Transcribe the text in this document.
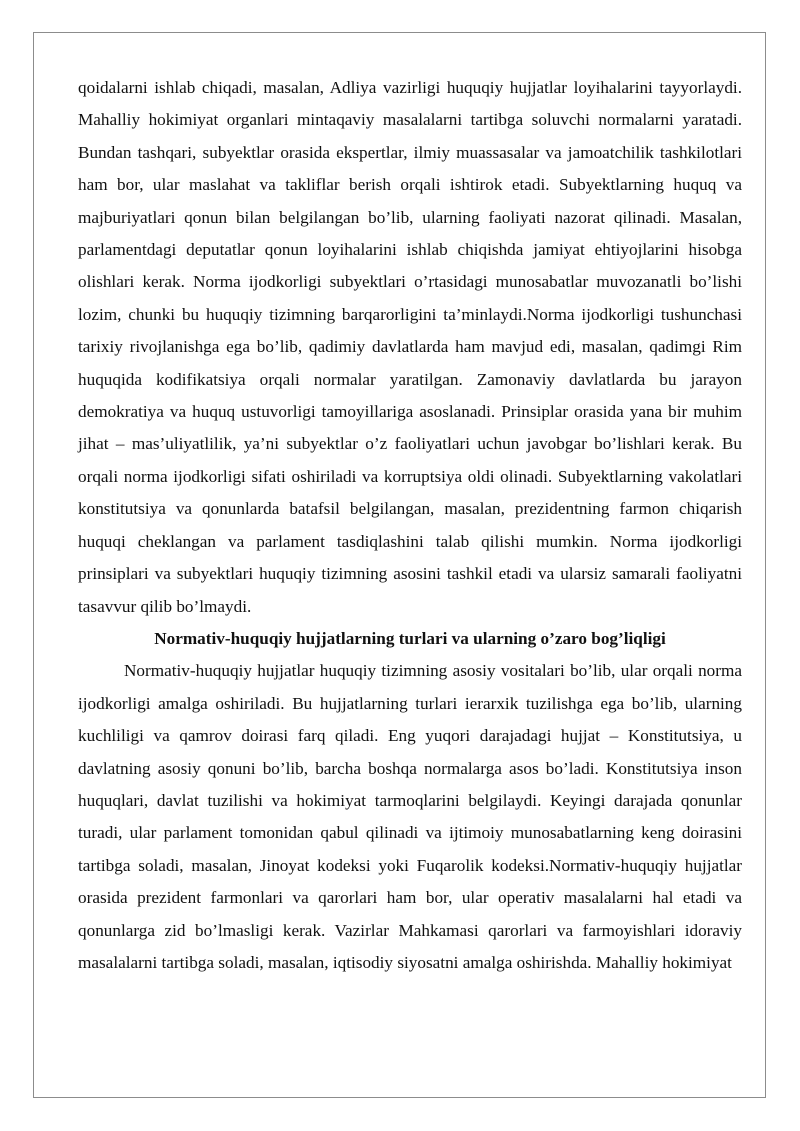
qoidalarni ishlab chiqadi, masalan, Adliya vazirligi huquqiy hujjatlar loyihalarini tayyorlaydi. Mahalliy hokimiyat organlari mintaqaviy masalalarni tartibga soluvchi normalarni yaratadi. Bundan tashqari, subyektlar orasida ekspertlar, ilmiy muassasalar va jamoatchilik tashkilotlari ham bor, ular maslahat va takliflar berish orqali ishtirok etadi. Subyektlarning huquq va majburiyatlari qonun bilan belgilangan bo’lib, ularning faoliyati nazorat qilinadi. Masalan, parlamentdagi deputatlar qonun loyihalarini ishlab chiqishda jamiyat ehtiyojlarini hisobga olishlari kerak. Norma ijodkorligi subyektlari o’rtasidagi munosabatlar muvozanatli bo’lishi lozim, chunki bu huquqiy tizimning barqarorligini ta’minlaydi.Norma ijodkorligi tushunchasi tarixiy rivojlanishga ega bo’lib, qadimiy davlatlarda ham mavjud edi, masalan, qadimgi Rim huquqida kodifikatsiya orqali normalar yaratilgan. Zamonaviy davlatlarda bu jarayon demokratiya va huquq ustuvorligi tamoyillariga asoslanadi. Prinsiplar orasida yana bir muhim jihat – mas’uliyatlilik, ya’ni subyektlar o’z faoliyatlari uchun javobgar bo’lishlari kerak. Bu orqali norma ijodkorligi sifati oshiriladi va korruptsiya oldi olinadi. Subyektlarning vakolatlari konstitutsiya va qonunlarda batafsil belgilangan, masalan, prezidentning farmon chiqarish huquqi cheklangan va parlament tasdiqlashini talab qilishi mumkin. Norma ijodkorligi prinsiplari va subyektlari huquqiy tizimning asosini tashkil etadi va ularsiz samarali faoliyatni tasavvur qilib bo’lmaydi.

Normativ-huquqiy hujjatlarning turlari va ularning o’zaro bog’liqligi

Normativ-huquqiy hujjatlar huquqiy tizimning asosiy vositalari bo’lib, ular orqali norma ijodkorligi amalga oshiriladi. Bu hujjatlarning turlari ierarxik tuzilishga ega bo’lib, ularning kuchliligi va qamrov doirasi farq qiladi. Eng yuqori darajadagi hujjat – Konstitutsiya, u davlatning asosiy qonuni bo’lib, barcha boshqa normalarga asos bo’ladi. Konstitutsiya inson huquqlari, davlat tuzilishi va hokimiyat tarmoqlarini belgilaydi. Keyingi darajada qonunlar turadi, ular parlament tomonidan qabul qilinadi va ijtimoiy munosabatlarning keng doirasini tartibga soladi, masalan, Jinoyat kodeksi yoki Fuqarolik kodeksi.Normativ-huquqiy hujjatlar orasida prezident farmonlari va qarorlari ham bor, ular operativ masalalarni hal etadi va qonunlarga zid bo’lmasligi kerak. Vazirlar Mahkamasi qarorlari va farmoyishlari idoraviy masalalarni tartibga soladi, masalan, iqtisodiy siyosatni amalga oshirishda. Mahalliy hokimiyat
